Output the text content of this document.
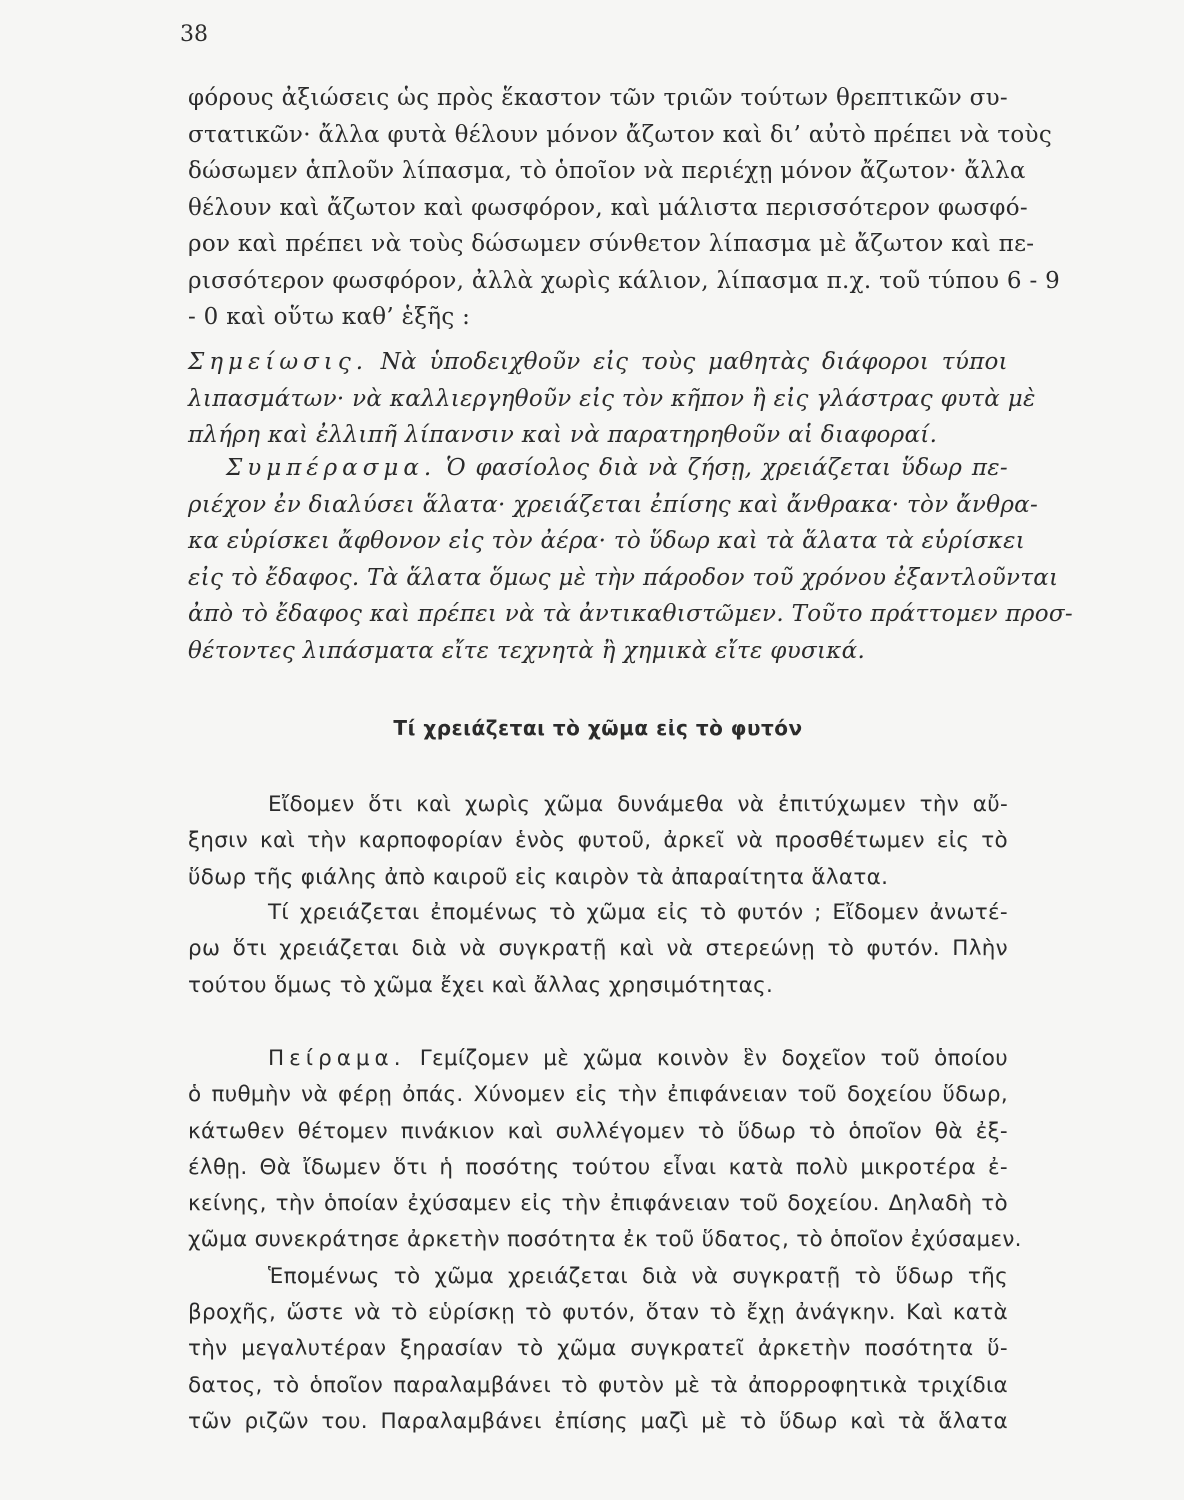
38
φόρους ἀξιώσεις ὡς πρὸς ἕκαστον τῶν τριῶν τούτων θρεπτικῶν συ-
στατικῶν· ἄλλα φυτὰ θέλουν μόνον ἄζωτον καὶ δι’ αὐτὸ πρέπει νὰ τοὺς
δώσωμεν ἁπλοῦν λίπασμα, τὸ ὁποῖον νὰ περιέχῃ μόνον ἄζωτον· ἄλλα
θέλουν καὶ ἄζωτον καὶ φωσφόρον, καὶ μάλιστα περισσότερον φωσφό-
ρον καὶ πρέπει νὰ τοὺς δώσωμεν σύνθετον λίπασμα μὲ ἄζωτον καὶ πε-
ρισσότερον φωσφόρον, ἀλλὰ χωρὶς κάλιον, λίπασμα π.χ. τοῦ τύπου 6 - 9
- 0 καὶ οὕτω καθ’ ἑξῆς :
Σημείωσις. Νὰ ὑποδειχθοῦν εἰς τοὺς μαθητὰς διάφοροι τύποι
λιπασμάτων· νὰ καλλιεργηθοῦν εἰς τὸν κῆπον ἢ εἰς γλάστρας φυτὰ μὲ
πλήρη καὶ ἐλλιπῆ λίπανσιν καὶ νὰ παρατηρηθοῦν αἱ διαφοραί.
Συμπέρασμα. Ὁ φασίολος διὰ νὰ ζήσῃ, χρειάζεται ὕδωρ πε-
ριέχον ἐν διαλύσει ἅλατα· χρειάζεται ἐπίσης καὶ ἄνθρακα· τὸν ἄνθρα-
κα εὑρίσκει ἄφθονον εἰς τὸν ἀέρα· τὸ ὕδωρ καὶ τὰ ἅλατα τὰ εὑρίσκει
εἰς τὸ ἔδαφος. Τὰ ἅλατα ὅμως μὲ τὴν πάροδον τοῦ χρόνου ἐξαντλοῦνται
ἀπὸ τὸ ἔδαφος καὶ πρέπει νὰ τὰ ἀντικαθιστῶμεν. Τοῦτο πράττομεν προσ-
θέτοντες λιπάσματα εἴτε τεχνητὰ ἢ χημικὰ εἴτε φυσικά.
Τί χρειάζεται τὸ χῶμα εἰς τὸ φυτόν
Εἴδομεν ὅτι καὶ χωρὶς χῶμα δυνάμεθα νὰ ἐπιτύχωμεν τὴν αὔ-
ξησιν καὶ τὴν καρποφορίαν ἑνὸς φυτοῦ, ἀρκεῖ νὰ προσθέτωμεν εἰς τὸ
ὕδωρ τῆς φιάλης ἀπὸ καιροῦ εἰς καιρὸν τὰ ἀπαραίτητα ἅλατα.
Τί χρειάζεται ἐπομένως τὸ χῶμα εἰς τὸ φυτόν ; Εἴδομεν ἀνωτέ-
ρω ὅτι χρειάζεται διὰ νὰ συγκρατῇ καὶ νὰ στερεώνῃ τὸ φυτόν. Πλὴν
τούτου ὅμως τὸ χῶμα ἔχει καὶ ἄλλας χρησιμότητας.
Πείραμα. Γεμίζομεν μὲ χῶμα κοινὸν ἓν δοχεῖον τοῦ ὁποίου
ὁ πυθμὴν νὰ φέρῃ ὀπάς. Χύνομεν εἰς τὴν ἐπιφάνειαν τοῦ δοχείου ὕδωρ,
κάτωθεν θέτομεν πινάκιον καὶ συλλέγομεν τὸ ὕδωρ τὸ ὁποῖον θὰ ἐξ-
έλθῃ. Θὰ ἴδωμεν ὅτι ἡ ποσότης τούτου εἶναι κατὰ πολὺ μικροτέρα ἐ-
κείνης, τὴν ὁποίαν ἐχύσαμεν εἰς τὴν ἐπιφάνειαν τοῦ δοχείου. Δηλαδὴ τὸ
χῶμα συνεκράτησε ἀρκετὴν ποσότητα ἐκ τοῦ ὕδατος, τὸ ὁποῖον ἐχύσαμεν.
Ἑπομένως τὸ χῶμα χρειάζεται διὰ νὰ συγκρατῇ τὸ ὕδωρ τῆς
βροχῆς, ὥστε νὰ τὸ εὑρίσκῃ τὸ φυτόν, ὅταν τὸ ἔχῃ ἀνάγκην. Καὶ κατὰ
τὴν μεγαλυτέραν ξηρασίαν τὸ χῶμα συγκρατεῖ ἀρκετὴν ποσότητα ὕ-
δατος, τὸ ὁποῖον παραλαμβάνει τὸ φυτὸν μὲ τὰ ἀπορροφητικὰ τριχίδια
τῶν ριζῶν του. Παραλαμβάνει ἐπίσης μαζὶ μὲ τὸ ὕδωρ καὶ τὰ ἅλατα
